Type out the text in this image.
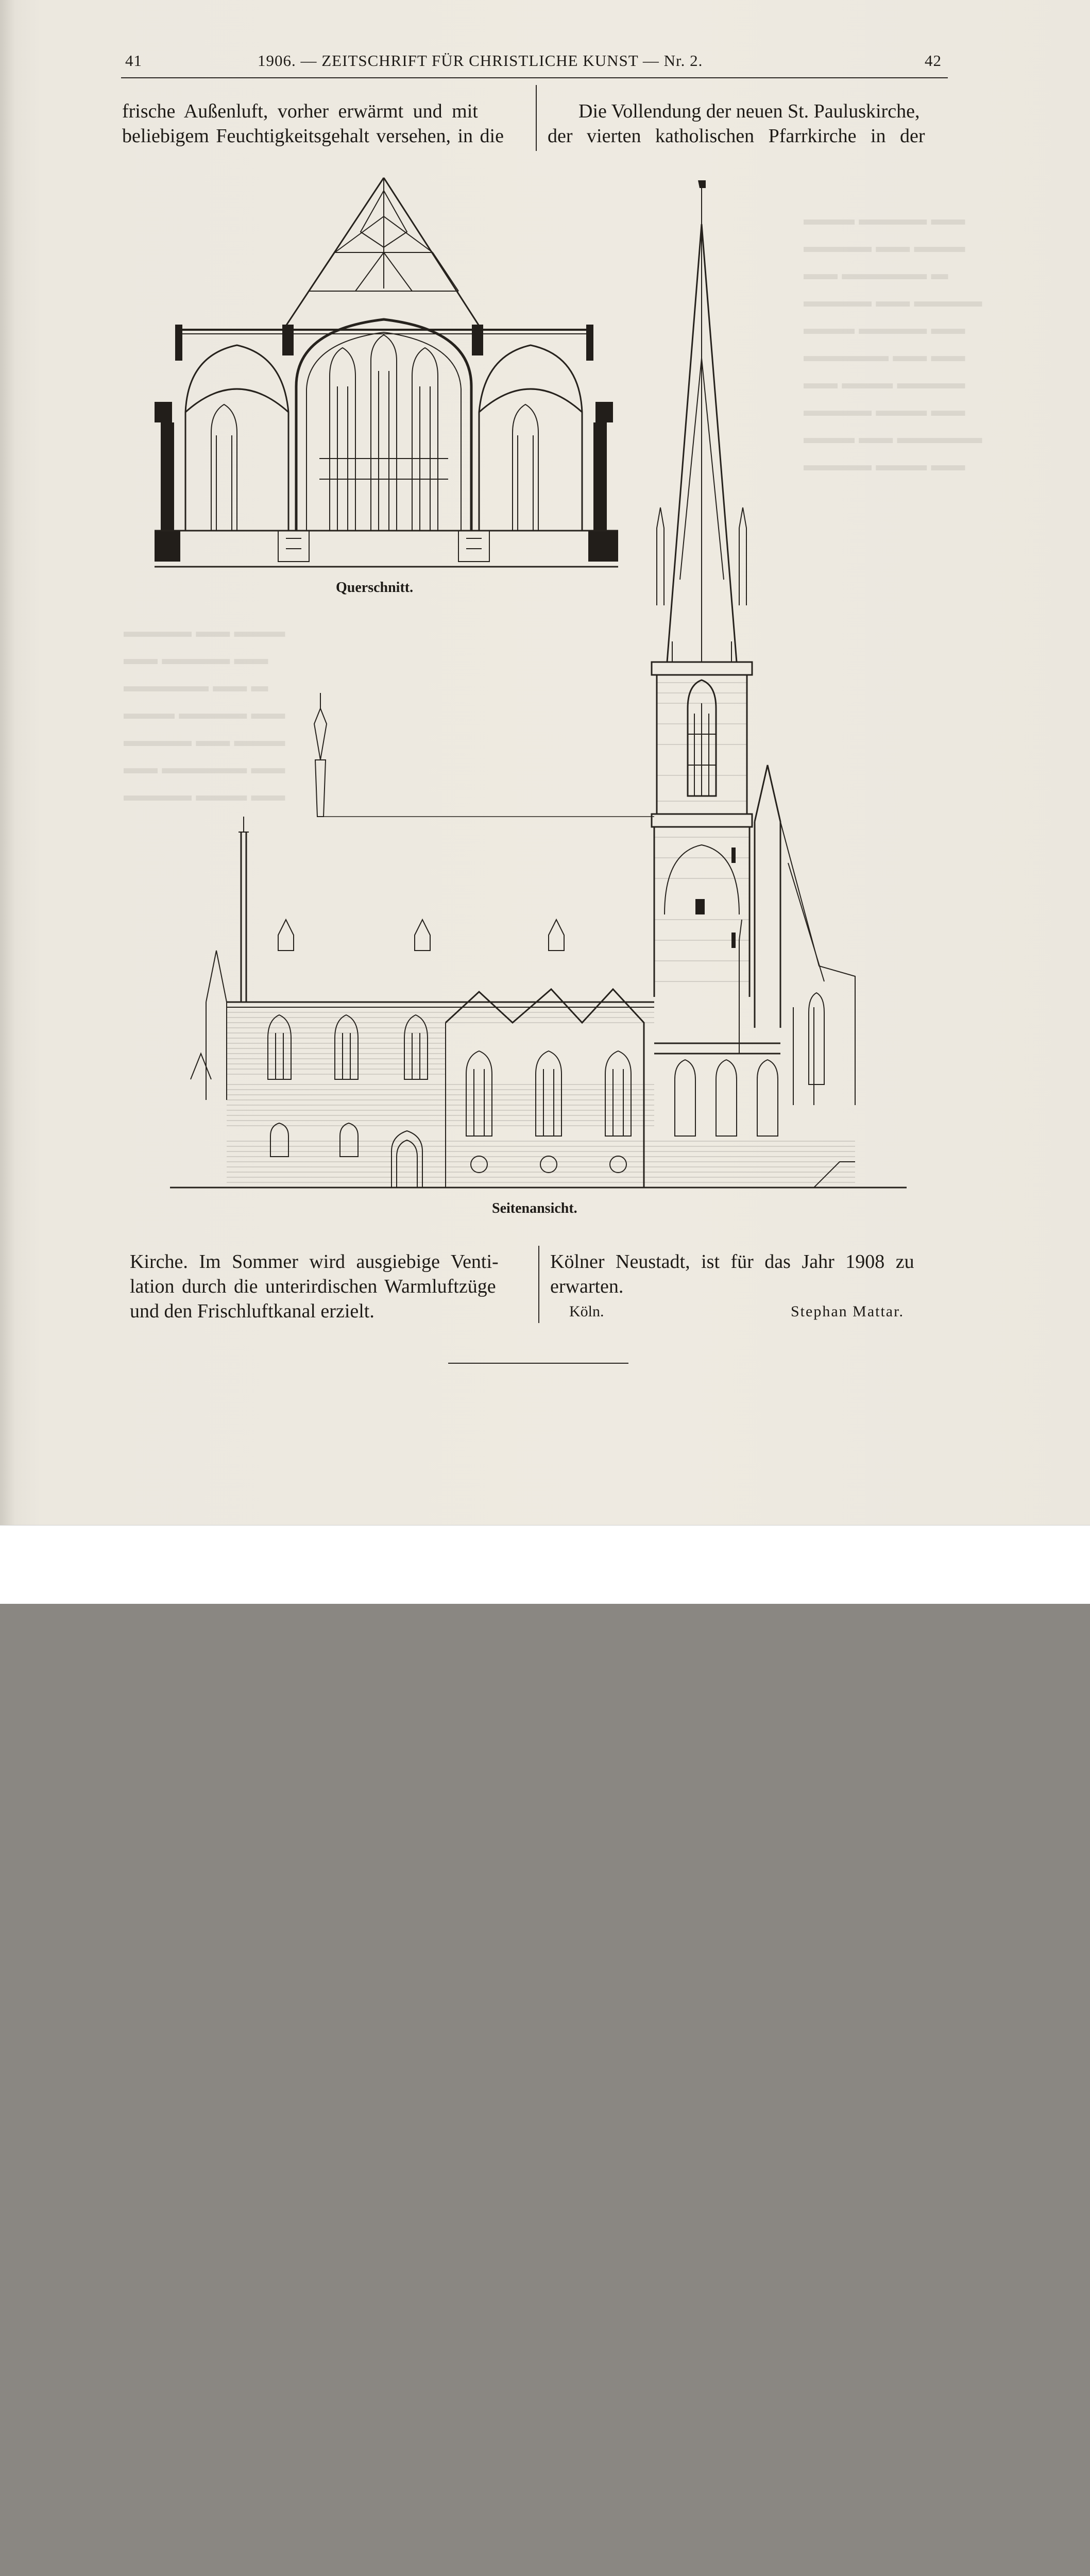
▬▬▬ ▬▬▬▬ ▬▬
▬▬▬▬ ▬▬ ▬▬▬
▬▬ ▬▬▬▬▬ ▬
▬▬▬▬ ▬▬ ▬▬▬▬
▬▬▬ ▬▬▬▬ ▬▬
▬▬▬▬▬ ▬▬ ▬▬
▬▬ ▬▬▬ ▬▬▬▬
▬▬▬▬ ▬▬▬ ▬▬
▬▬▬ ▬▬ ▬▬▬▬▬
▬▬▬▬ ▬▬▬ ▬▬
▬▬▬▬ ▬▬ ▬▬▬
▬▬ ▬▬▬▬ ▬▬
▬▬▬▬▬ ▬▬ ▬
▬▬▬ ▬▬▬▬ ▬▬
▬▬▬▬ ▬▬ ▬▬▬
▬▬ ▬▬▬▬▬ ▬▬
▬▬▬▬ ▬▬▬ ▬▬
41	1906. — ZEITSCHRIFT FÜR CHRISTLICHE KUNST — Nr. 2.	42
frische Außenluft, vorher erwärmt und mit
beliebigem Feuchtigkeitsgehalt versehen, in die
Die Vollendung der neuen St. Pauluskirche,
der vierten katholischen Pfarrkirche in der
Querschnitt.
Seitenansicht.
Kirche. Im Sommer wird ausgiebige Venti-
lation durch die unterirdischen Warmluftzüge
und den Frischluftkanal erzielt.
Kölner Neustadt, ist für das Jahr 1908 zu
erwarten.
Köln.	Stephan Mattar.
